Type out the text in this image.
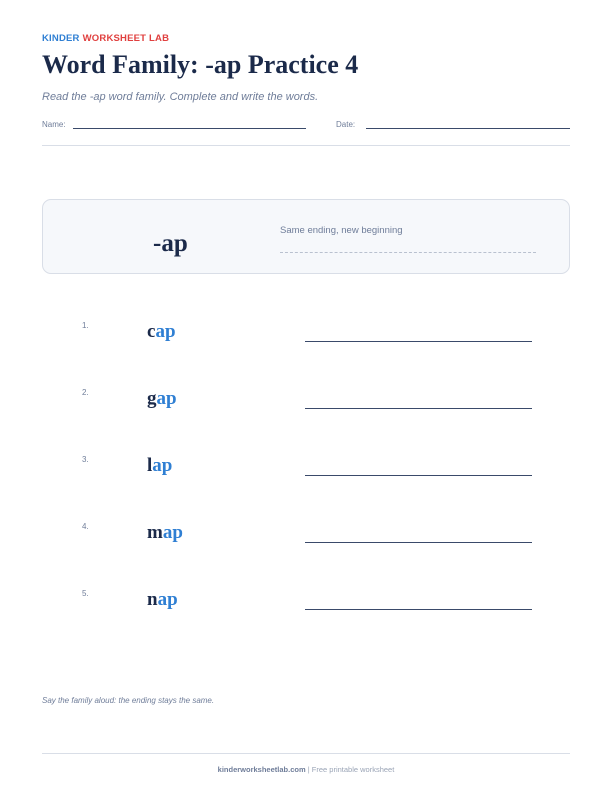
KINDER WORKSHEET LAB
Word Family: -ap Practice 4
Read the -ap word family. Complete and write the words.
Name:	Date:
-ap	Same ending, new beginning
1.	cap
2.	gap
3.	lap
4.	map
5.	nap
Say the family aloud: the ending stays the same.
kinderworksheetlab.com | Free printable worksheet
